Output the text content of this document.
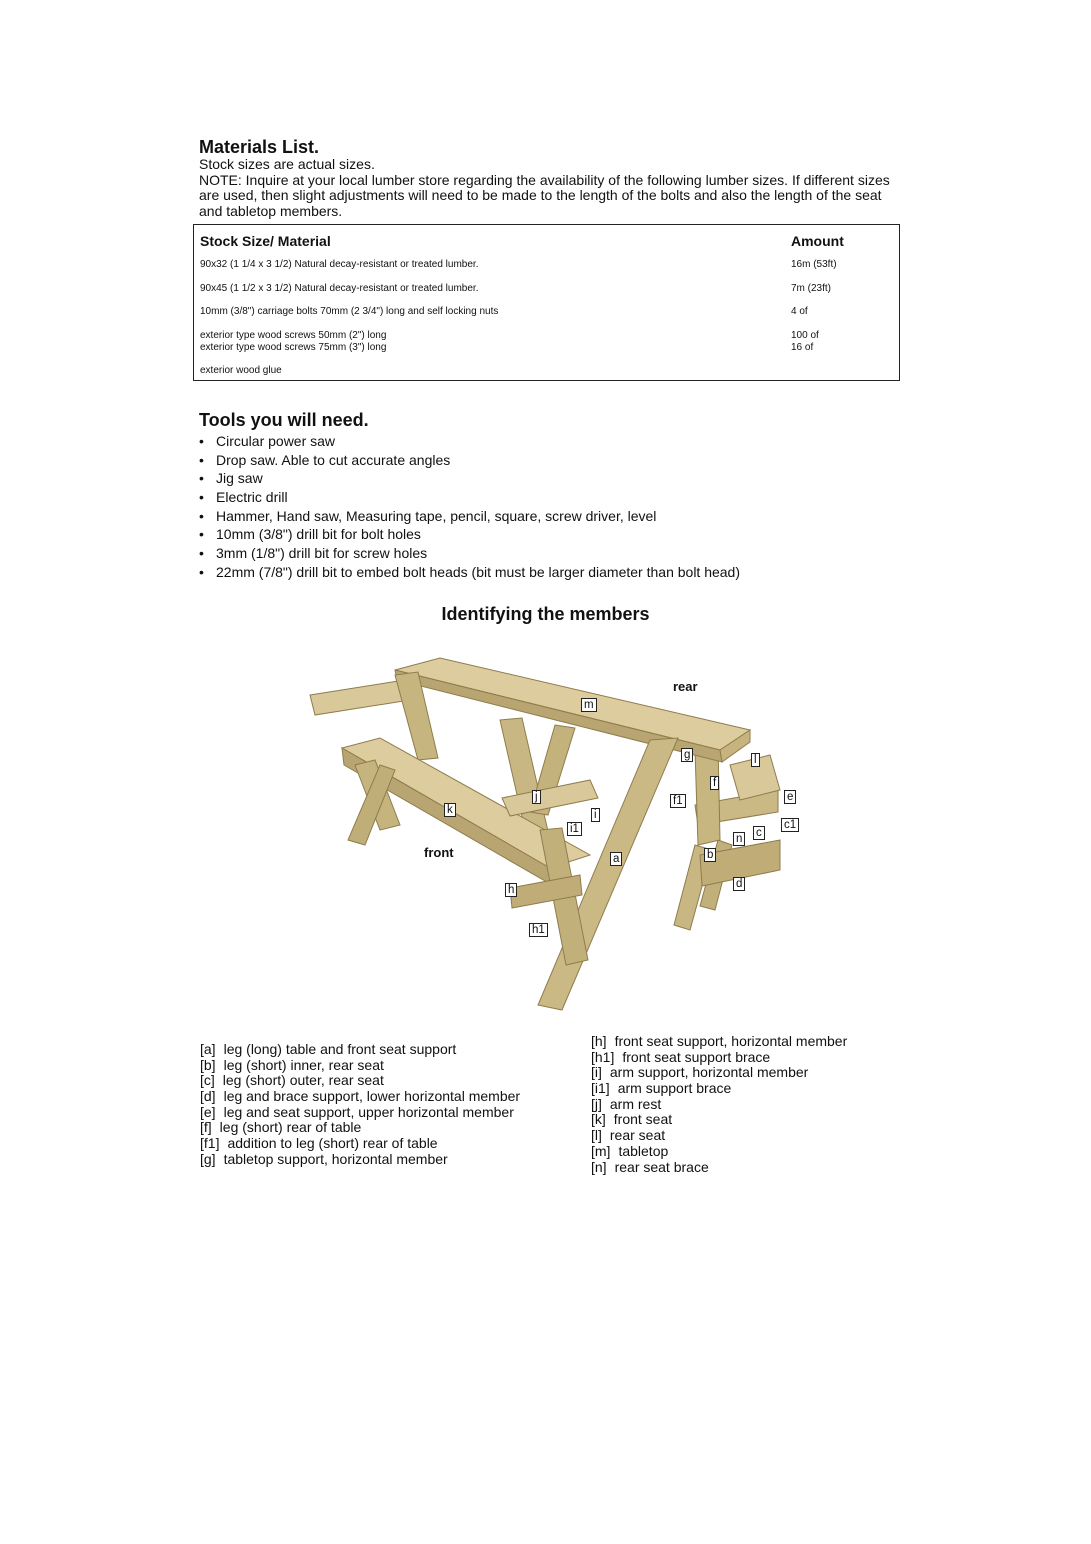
Materials List.

Stock sizes are actual sizes.

NOTE: Inquire at your local lumber store regarding the availability of the following lumber sizes. If different sizes are used, then slight adjustments will need to be made to the length of the bolts and also the length of the seat and tabletop members.

Stock Size/ Material	Amount
90x32 (1 1/4 x 3 1/2) Natural decay-resistant or treated lumber.	16m (53ft)
90x45 (1 1/2 x 3 1/2) Natural decay-resistant or treated lumber.	7m (23ft)
10mm (3/8") carriage bolts 70mm (2 3/4") long and self locking nuts	4 of
exterior type wood screws 50mm (2") long	100 of
exterior type wood screws 75mm (3") long	16 of
exterior wood glue
Tools you will need.
• Circular power saw
• Drop saw. Able to cut accurate angles
• Jig saw
• Electric drill
• Hammer, Hand saw, Measuring tape, pencil, square, screw driver, level
• 10mm (3/8") drill bit for bolt holes
• 3mm (1/8") drill bit for screw holes
• 22mm (7/8") drill bit to embed bolt heads (bit must be larger diameter than bolt head)
Identifying the members
rear
front
m
g	l
f
e
f1
c1
j
i
k
i1
n c
b
a
d
h
h1
[a] leg (long) table and front seat support
[b] leg (short) inner, rear seat
[c] leg (short) outer, rear seat
[d] leg and brace support, lower horizontal member
[e] leg and seat support, upper horizontal member
[f] leg (short) rear of table
[f1] addition to leg (short) rear of table
[g] tabletop support, horizontal member
[h] front seat support, horizontal member
[h1] front seat support brace
[i] arm support, horizontal member
[i1] arm support brace
[j] arm rest
[k] front seat
[l] rear seat
[m] tabletop
[n] rear seat brace
